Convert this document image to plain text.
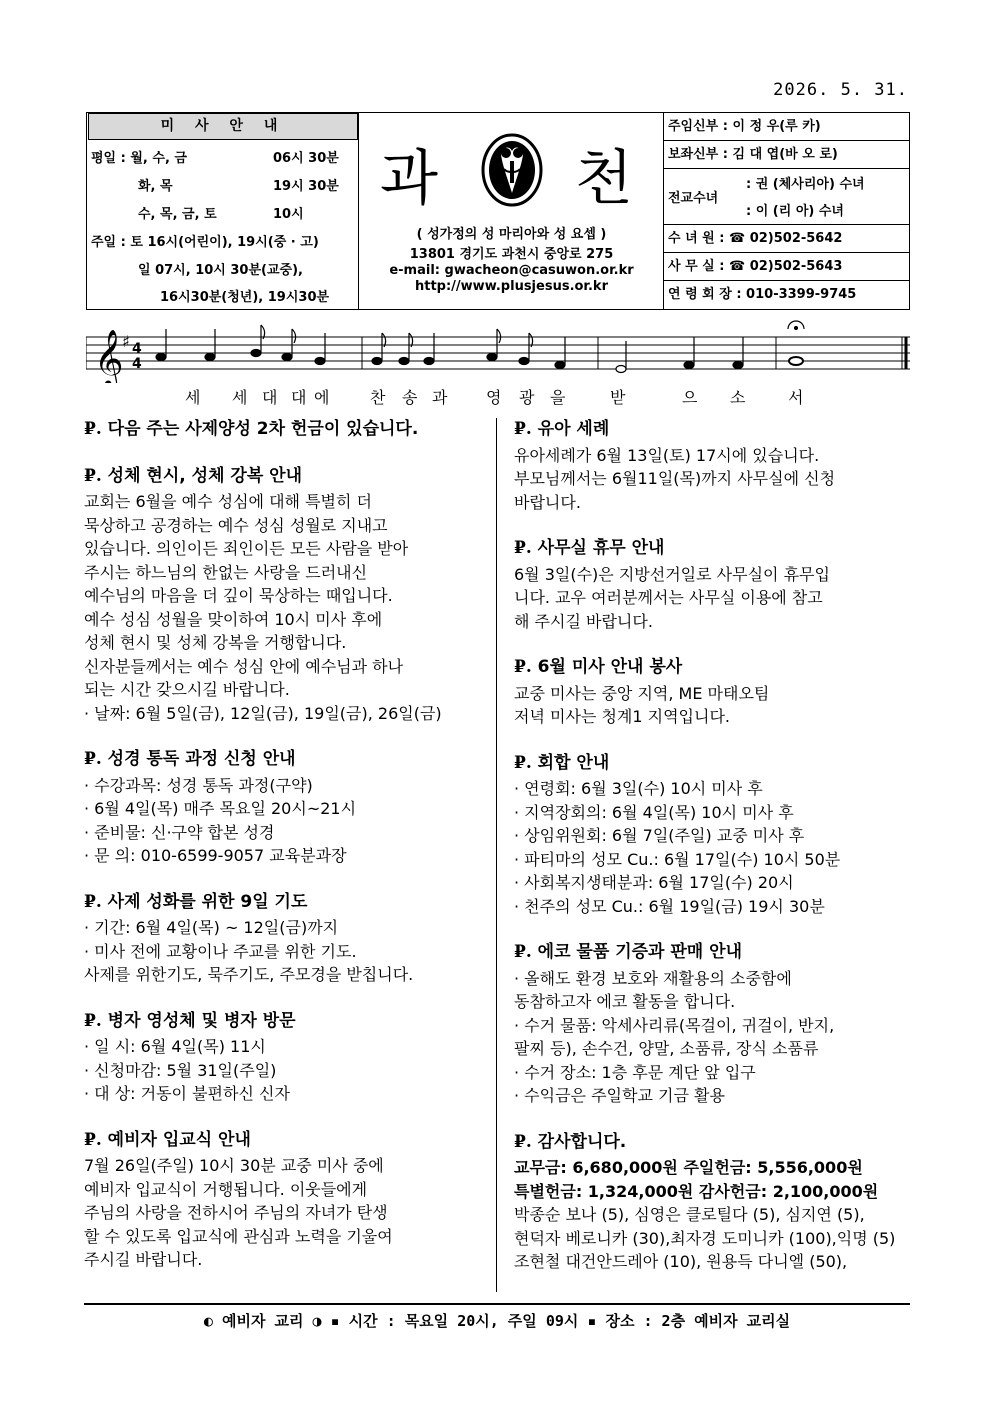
2026. 5. 31.
미 사 안 내
평일 : 월, 수, 금	06시 30분
화, 목	19시 30분
수, 목, 금, 토	10시
주일 : 토 16시(어린이), 19시(중 · 고)
일 07시, 10시 30분(교중),
16시30분(청년), 19시30분
과 천
( 성가정의 성 마리아와 성 요셉 )
13801 경기도 과천시 중앙로 275
e-mail: gwacheon@casuwon.or.kr
http://www.plusjesus.or.kr
주임신부 : 이 정 우(루 카)
보좌신부 : 김 대 엽(바 오 로)
전교수녀
: 권 (체사리아) 수녀
: 이 (리 아) 수녀
수 녀 원 : ☎ 02)502-5642
사 무 실 : ☎ 02)502-5643
연 령 회 장 : 010-3399-9745
𝄞
♯ 4
4
세 세 대 대 에	찬 송 과 영 광 을	받	으 소	서
₽. 다음 주는 사제양성 2차 헌금이 있습니다.
₽. 성체 현시, 성체 강복 안내
교회는 6월을 예수 성심에 대해 특별히 더
묵상하고 공경하는 예수 성심 성월로 지내고
있습니다. 의인이든 죄인이든 모든 사람을 받아
주시는 하느님의 한없는 사랑을 드러내신
예수님의 마음을 더 깊이 묵상하는 때입니다.
예수 성심 성월을 맞이하여 10시 미사 후에
성체 현시 및 성체 강복을 거행합니다.
신자분들께서는 예수 성심 안에 예수님과 하나
되는 시간 갖으시길 바랍니다.
· 날짜: 6월 5일(금), 12일(금), 19일(금), 26일(금)
₽. 성경 통독 과정 신청 안내
· 수강과목: 성경 통독 과정(구약)
· 6월 4일(목) 매주 목요일 20시~21시
· 준비물: 신·구약 합본 성경
· 문 의: 010-6599-9057 교육분과장
₽. 사제 성화를 위한 9일 기도
· 기간: 6월 4일(목) ~ 12일(금)까지
· 미사 전에 교황이나 주교를 위한 기도.
사제를 위한기도, 묵주기도, 주모경을 받칩니다.
₽. 병자 영성체 및 병자 방문
· 일 시: 6월 4일(목) 11시
· 신청마감: 5월 31일(주일)
· 대 상: 거동이 불편하신 신자
₽. 예비자 입교식 안내
7월 26일(주일) 10시 30분 교중 미사 중에
예비자 입교식이 거행됩니다. 이웃들에게
주님의 사랑을 전하시어 주님의 자녀가 탄생
할 수 있도록 입교식에 관심과 노력을 기울여
주시길 바랍니다.
₽. 유아 세례
유아세례가 6월 13일(토) 17시에 있습니다.
부모님께서는 6월11일(목)까지 사무실에 신청
바랍니다.
₽. 사무실 휴무 안내
6월 3일(수)은 지방선거일로 사무실이 휴무입
니다. 교우 여러분께서는 사무실 이용에 참고
해 주시길 바랍니다.
₽. 6월 미사 안내 봉사
교중 미사는 중앙 지역, ME 마태오팀
저녁 미사는 청계1 지역입니다.
₽. 회합 안내
· 연령회: 6월 3일(수) 10시 미사 후
· 지역장회의: 6월 4일(목) 10시 미사 후
· 상임위원회: 6월 7일(주일) 교중 미사 후
· 파티마의 성모 Cu.: 6월 17일(수) 10시 50분
· 사회복지생태분과: 6월 17일(수) 20시
· 천주의 성모 Cu.: 6월 19일(금) 19시 30분
₽. 에코 물품 기증과 판매 안내
· 올해도 환경 보호와 재활용의 소중함에
동참하고자 에코 활동을 합니다.
· 수거 물품: 악세사리류(목걸이, 귀걸이, 반지,
팔찌 등), 손수건, 양말, 소품류, 장식 소품류
· 수거 장소: 1층 후문 계단 앞 입구
· 수익금은 주일학교 기금 활용
₽. 감사합니다.
교무금: 6,680,000원 주일헌금: 5,556,000원
특별헌금: 1,324,000원 감사헌금: 2,100,000원
박종순 보나 (5), 심영은 클로틸다 (5), 심지연 (5),
현덕자 베로니카 (30),최자경 도미니카 (100),익명 (5)
조현철 대건안드레아 (10), 원용득 다니엘 (50),
◐ 예비자 교리 ◑ ▪ 시간 : 목요일 20시, 주일 09시 ▪ 장소 : 2층 예비자 교리실
